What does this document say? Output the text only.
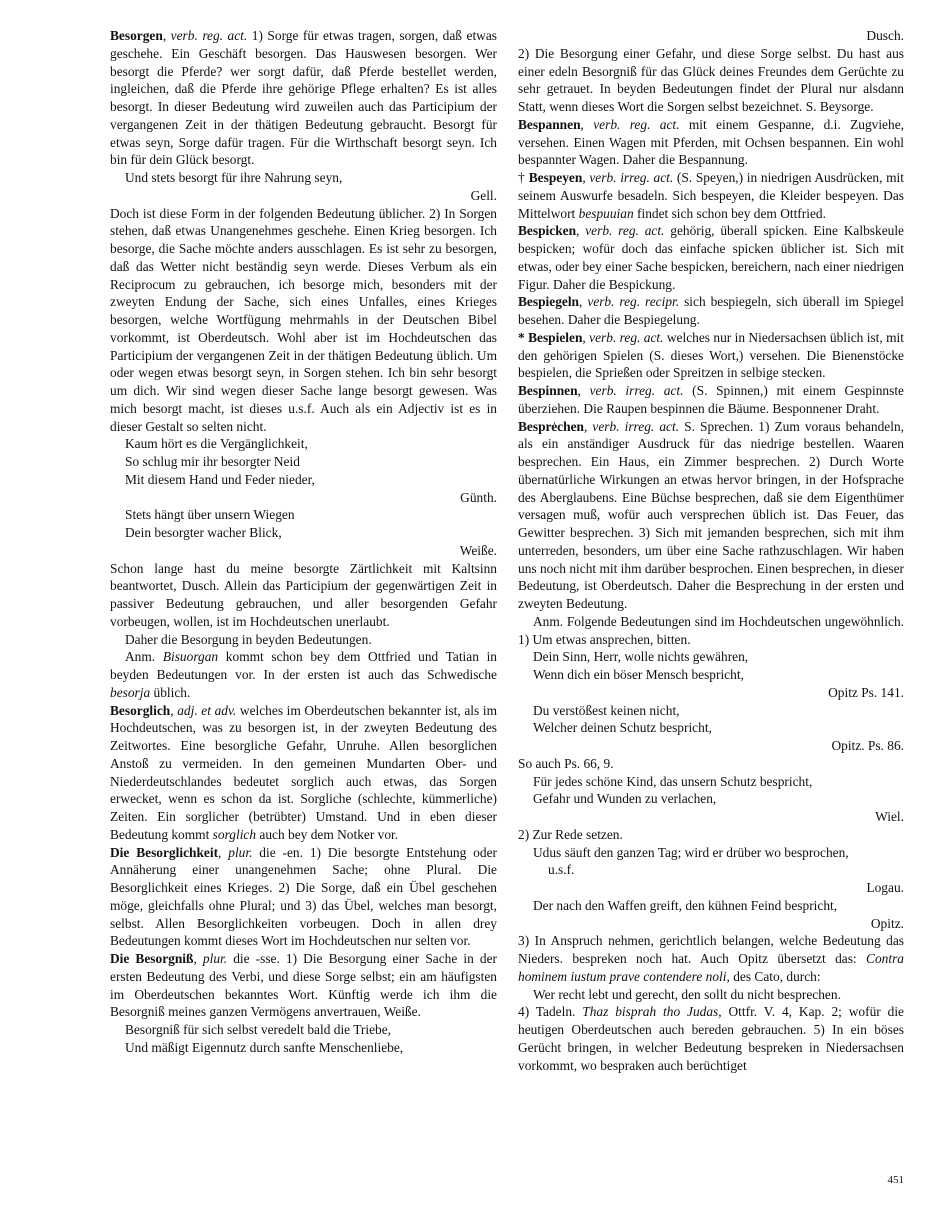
Besorgen, verb. reg. act. 1) Sorge für etwas tragen, sorgen, daß etwas geschehe. Ein Geschäft besorgen. Das Hauswesen besorgen. Wer besorgt die Pferde? wer sorgt dafür, daß Pferde bestellet werden, ingleichen, daß die Pferde ihre gehörige Pflege erhalten? Es ist alles besorgt. In dieser Bedeutung wird zuweilen auch das Participium der vergangenen Zeit in der thätigen Bedeutung gebraucht. Besorgt für etwas seyn, Sorge dafür tragen. Für die Wirthschaft besorgt seyn. Ich bin für dein Glück besorgt.

Und stets besorgt für ihre Nahrung seyn,

Gell.

Doch ist diese Form in der folgenden Bedeutung üblicher. 2) In Sorgen stehen, daß etwas Unangenehmes geschehe. Einen Krieg besorgen. Ich besorge, die Sache möchte anders ausschlagen. Es ist sehr zu besorgen, daß das Wetter nicht beständig seyn werde. Dieses Verbum als ein Reciprocum zu gebrauchen, ich besorge mich, besonders mit der zweyten Endung der Sache, sich eines Unfalles, eines Krieges besorgen, welche Wortfügung mehrmahls in der Deutschen Bibel vorkommt, ist Oberdeutsch. Wohl aber ist im Hochdeutschen das Participium der vergangenen Zeit in der thätigen Bedeutung üblich. Um oder wegen etwas besorgt seyn, in Sorgen stehen. Ich bin sehr besorgt um dich. Wir sind wegen dieser Sache lange besorgt gewesen. Was mich besorgt macht, ist dieses u.s.f. Auch als ein Adjectiv ist es in dieser Gestalt so selten nicht.

Kaum hört es die Vergänglichkeit,

So schlug mir ihr besorgter Neid

Mit diesem Hand und Feder nieder,

Günth.

Stets hängt über unsern Wiegen

Dein besorgter wacher Blick,

Weiße.

Schon lange hast du meine besorgte Zärtlichkeit mit Kaltsinn beantwortet, Dusch. Allein das Participium der gegenwärtigen Zeit in passiver Bedeutung gebrauchen, und aller besorgenden Gefahr vorbeugen, wollen, ist im Hochdeutschen unerlaubt.

Daher die Besorgung in beyden Bedeutungen.

Anm. Bisuorgan kommt schon bey dem Ottfried und Tatian in beyden Bedeutungen vor. In der ersten ist auch das Schwedische besorja üblich.

Besorglich, adj. et adv. welches im Oberdeutschen bekannter ist, als im Hochdeutschen, was zu besorgen ist, in der zweyten Bedeutung des Zeitwortes. Eine besorgliche Gefahr, Unruhe. Allen besorglichen Anstoß zu vermeiden. In den gemeinen Mundarten Ober- und Niederdeutschlandes bedeutet sorglich auch etwas, das Sorgen erwecket, wenn es schon da ist. Sorgliche (schlechte, kümmerliche) Zeiten. Ein sorglicher (betrübter) Umstand. Und in eben dieser Bedeutung kommt sorglich auch bey dem Notker vor.

Die Besorglichkeit, plur. die -en. 1) Die besorgte Entstehung oder Annäherung einer unangenehmen Sache; ohne Plural. Die Besorglichkeit eines Krieges. 2) Die Sorge, daß ein Übel geschehen möge, gleichfalls ohne Plural; und 3) das Übel, welches man besorgt, selbst. Allen Besorglichkeiten vorbeugen. Doch in allen drey Bedeutungen kommt dieses Wort im Hochdeutschen nur selten vor.

Die Besorgniß, plur. die -sse. 1) Die Besorgung einer Sache in der ersten Bedeutung des Verbi, und diese Sorge selbst; ein am häufigsten im Oberdeutschen bekanntes Wort. Künftig werde ich ihm die Besorgniß meines ganzen Vermögens anvertrauen, Weiße.

Besorgniß für sich selbst veredelt bald die Triebe,

Und mäßigt Eigennutz durch sanfte Menschenliebe,

Dusch.

2) Die Besorgung einer Gefahr, und diese Sorge selbst. Du hast aus einer edeln Besorgniß für das Glück deines Freundes dem Gerüchte zu sehr getrauet. In beyden Bedeutungen findet der Plural nur alsdann Statt, wenn dieses Wort die Sorgen selbst bezeichnet. S. Beysorge.

Bespannen, verb. reg. act. mit einem Gespanne, d.i. Zugviehe, versehen. Einen Wagen mit Pferden, mit Ochsen bespannen. Ein wohl bespannter Wagen. Daher die Bespannung.

† Bespeyen, verb. irreg. act. (S. Speyen,) in niedrigen Ausdrücken, mit seinem Auswurfe besadeln. Sich bespeyen, die Kleider bespeyen. Das Mittelwort bespuuian findet sich schon bey dem Ottfried.

Bespicken, verb. reg. act. gehörig, überall spicken. Eine Kalbskeule bespicken; wofür doch das einfache spicken üblicher ist. Sich mit etwas, oder bey einer Sache bespicken, bereichern, nach einer niedrigen Figur. Daher die Bespickung.

Bespiegeln, verb. reg. recipr. sich bespiegeln, sich überall im Spiegel besehen. Daher die Bespiegelung.

* Bespielen, verb. reg. act. welches nur in Niedersachsen üblich ist, mit den gehörigen Spielen (S. dieses Wort,) versehen. Die Bienenstöcke bespielen, die Sprießen oder Spreitzen in selbige stecken.

Bespinnen, verb. irreg. act. (S. Spinnen,) mit einem Gespinnste überziehen. Die Raupen bespinnen die Bäume. Besponnener Draht.

Bespre̍chen, verb. irreg. act. S. Sprechen. 1) Zum voraus behandeln, als ein anständiger Ausdruck für das niedrige bestellen. Waaren besprechen. Ein Haus, ein Zimmer besprechen. 2) Durch Worte übernatürliche Wirkungen an etwas hervor bringen, in der Hofsprache des Aberglaubens. Eine Büchse besprechen, daß sie dem Eigenthümer versagen muß, wofür auch versprechen üblich ist. Das Feuer, das Gewitter besprechen. 3) Sich mit jemanden besprechen, sich mit ihm unterreden, besonders, um über eine Sache rathzuschlagen. Wir haben uns noch nicht mit ihm darüber besprochen. Einen besprechen, in dieser Bedeutung, ist Oberdeutsch. Daher die Besprechung in der ersten und zweyten Bedeutung.

Anm. Folgende Bedeutungen sind im Hochdeutschen ungewöhnlich. 1) Um etwas ansprechen, bitten.

Dein Sinn, Herr, wolle nichts gewähren,

Wenn dich ein böser Mensch bespricht,

Opitz Ps. 141.

Du verstößest keinen nicht,

Welcher deinen Schutz bespricht,

Opitz. Ps. 86.

So auch Ps. 66, 9.

Für jedes schöne Kind, das unsern Schutz bespricht,

Gefahr und Wunden zu verlachen,

Wiel.

2) Zur Rede setzen.

Udus säuft den ganzen Tag; wird er drüber wo besprochen,

u.s.f.

Logau.

Der nach den Waffen greift, den kühnen Feind bespricht,

Opitz.

3) In Anspruch nehmen, gerichtlich belangen, welche Bedeutung das Nieders. bespreken noch hat. Auch Opitz übersetzt das: Contra hominem iustum prave contendere noli, des Cato, durch:

Wer recht lebt und gerecht, den sollt du nicht besprechen.

4) Tadeln. Thaz bisprah tho Judas, Ottfr. V. 4, Kap. 2; wofür die heutigen Oberdeutschen auch bereden gebrauchen. 5) In ein böses Gerücht bringen, in welcher Bedeutung bespreken in Niedersachsen vorkommt, wo bespraken auch berüchtiget

451
